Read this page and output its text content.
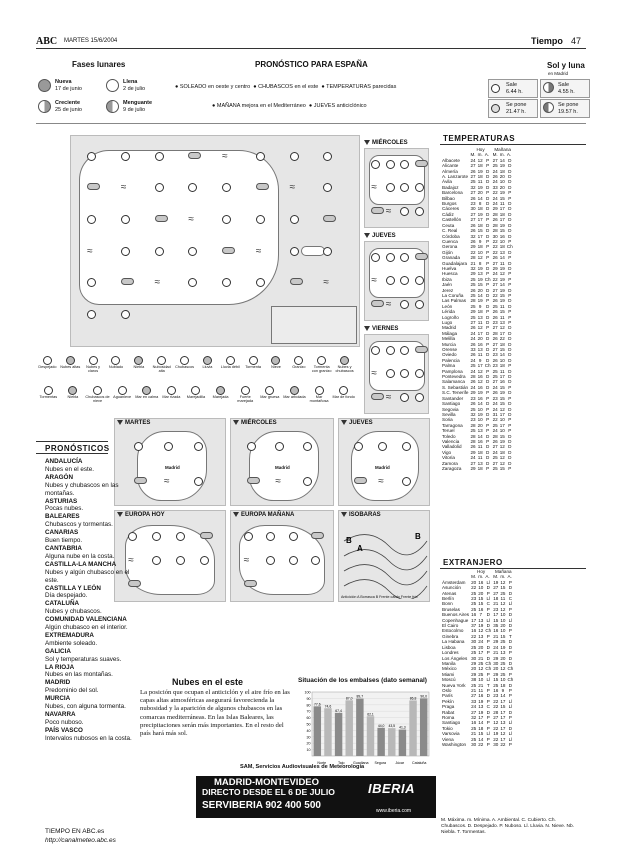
ABC MARTES 15/6/2004	Tiempo 47
Fases lunares
Nueva
17 de junio
Llena
2 de julio
Creciente
25 de junio
Menguante
9 de julio
PRONÓSTICO PARA ESPAÑA
● SOLEADO en oeste y centro  ● CHUBASCOS en el este  ● TEMPERATURAS parecidas
● MAÑANA mejora en el Mediterráneo  ● JUEVES anticiclónico
Sol y luna
en Madrid
Sale
6.44 h.
Sale
4.55 h.
Se pone
21.47 h.
Se pone
19.57 h.
≈
≈	≈
≈
≈	≈
≈	≈
MIÉRCOLES
≈
≈
JUEVES
≈
≈
VIERNES
≈
≈
Despejado Nubes altas	Nubes y claros
Nublado	Niebla	Nubosidad alta
Chubascos	Lluvia	Lluvia débil	Tormenta	Nieve	Granizo	Tormenta con granizo
Nubes y chubascos
Tormentas	Niebla	Chubascos de nieve
Aguanieve	Mar en calma	Mar rizada	Marejadilla	Marejada	Fuerte marejada
Mar gruesa	Mar arbolada	Mar montañosa
Mar de fondo
MARTES
Madrid
≈
MIÉRCOLES
Madrid
≈
JUEVES
Madrid
≈
EUROPA HOY
≈
EUROPA MAÑANA
≈
ISOBARAS
A
B	B
Anticiclón A Borrasca B Frente cálido Frente frío
PRONÓSTICOS
ANDALUCÍA
Nubes en el este.
ARAGÓN
Nubes y chubascos en las montañas.
ASTURIAS
Pocas nubes.
BALEARES
Chubascos y tormentas.
CANARIAS
Buen tiempo.
CANTABRIA
Alguna nube en la costa.
CASTILLA-LA MANCHA
Nubes y algún chubasco en el este.
CASTILLA Y LEÓN
Día despejado.
CATALUÑA
Nubes y chubascos.
COMUNIDAD VALENCIANA
Algún chubasco en el interior.
EXTREMADURA
Ambiente soleado.
GALICIA
Sol y temperaturas suaves.
LA RIOJA
Nubes en las montañas.
MADRID
Predominio del sol.
MURCIA
Nubes, con alguna tormenta.
NAVARRA
Poco nuboso.
PAÍS VASCO
Intervalos nubosos en la costa.
TIEMPO EN ABC.es
http://canalmeteo.abc.es
Nubes en el este
La posición que ocupan el anticiclón y el aire frío en las capas altas atmosféricas asegurará favorecienda la nubosidad y la aparición de algunos chubascos en las comarcas mediterráneas. En las Islas Baleares, las precipitaciones serán más importantes. En el resto del país hará más sol.
Situación de los embalses (dato semanal)
100
90
80
70
60
50
40
30
20
10
77,6 74,6
67,4
87,0 89,7
62,1
44,0 43,5 41,3
86,8
90,0
Norte	Tajo Guadiana Segura	Júcar Cataluña
SAM, Servicios Audiovisuales de Meteorología
MADRID-MONTEVIDEO
DIRECTO DESDE EL 6 DE JULIO
SERVIBERIA 902 400 500
IBERIA
www.iberia.com
TEMPERATURAS
	Hoy			Mañana		
	M.	m.	A.	M.	m.	A.
Albacete	24	12	P	27	14	D
Alicante	27	18	P	25	19	D
Almería	26	19	D	24	18	D
A. Lanzarote	27	18	D	26	20	D
Ávila	25	11	D	24	10	D
Badajoz	32	19	D	33	20	D
Barcelona	27	20	P	22	19	P
Bilbao	26	14	D	24	15	P
Burgos	23	8	D	24	11	D
Cáceres	30	18	D	29	17	D
Cádiz	27	19	D	28	18	D
Castellón	27	17	P	26	17	D
Ceuta	26	18	D	28	19	D
C. Real	26	15	D	28	15	D
Córdoba	32	17	D	30	16	D
Cuenca	26	9	P	22	10	P
Gerona	29	18	P	22	18	Ch
Gijón	22	10	P	22	13	D
Granada	28	12	P	26	14	P
Guadalajara	21	8	P	27	11	D
Huelva	32	19	D	29	19	D
Huesca	29	13	P	24	12	P
Ibiza	25	19	Ch	22	19	P
Jaén	25	15	P	27	14	P
Jerez	26	20	D	27	19	D
La Coruña	25	14	D	22	15	P
Las Palmas	28	19	P	26	19	D
León	25	9	D	25	11	D
Lérida	29	18	P	26	15	P
Logroño	25	13	D	26	11	P
Lugo	27	11	D	23	13	P
Madrid	26	12	P	27	12	D
Málaga	24	17	D	28	17	D
Melilla	24	20	D	26	22	D
Murcia	26	16	P	27	18	D
Orense	33	13	D	27	15	D
Oviedo	26	11	D	23	14	D
Palencia	24	9	D	26	10	D
Palma	25	17	Ch	23	18	P
Pamplona	24	12	P	25	11	D
Pontevedra	28	16	D	25	17	D
Salamanca	26	12	D	27	16	D
S. Sebastián	24	16	D	24	15	P
S.C. Tenerife	29	19	P	26	19	D
Santander	23	16	P	23	15	P
Santiago	26	14	D	24	15	D
Segovia	25	10	P	24	12	D
Sevilla	32	19	D	31	17	D
Soria	23	10	P	22	10	P
Tarragona	28	20	P	25	17	P
Teruel	25	13	P	24	10	P
Toledo	28	14	D	28	15	D
Valencia	28	16	P	26	19	D
Valladolid	26	11	D	27	12	D
Vigo	29	18	D	24	18	D
Vitoria	24	11	D	25	12	D
Zamora	27	13	D	27	12	D
Zaragoza	29	18	P	25	15	P
EXTRANJERO
	Hoy			Mañana		
	M.	m.	A.	M.	m.	A.
Ámsterdam	20	16	Ll	19	12	P
Asunción	22	10	D	27	15	D
Atenas	25	20	P	27	25	D
Berlín	23	15	Ll	18	11	C
Bonn	25	15	C	21	12	Ll
Bruselas	25	16	P	23	12	P
Buenos Aires	16	7	D	17	10	D
Copenhague	17	13	Ll	15	10	Ll
El Cairo	37	19	D	35	20	D
Estocolmo	16	12	Ch	16	10	P
Ginebra	22	13	P	21	15	T
La Habana	30	24	P	29	25	D
Lisboa	25	20	D	24	19	D
Londres	25	17	P	21	13	P
Los Ángeles	30	21	D	29	20	D
Manila	29	25	Ch	30	25	D
México	20	12	Ch	20	12	Ch
Miami	29	25	P	29	25	P
Moscú	38	10	Ll	15	10	Ch
Nueva York	25	21	T	25	18	D
Oslo	21	11	P	16	9	P
París	27	16	D	23	14	P
Pekín	33	19	P	22	17	Ll
Praga	24	13	C	22	15	Ll
Rabat	27	19	D	28	17	D
Roma	32	17	P	27	17	P
Santiago	16	14	P	12	13	Ll
Tokio	25	18	P	22	17	D
Varsovia	21	15	Ll	19	12	Ll
Viena	25	14	P	22	17	Ll
Washington	30	22	P	30	22	P
M. Máxima. m. Mínima. A. Ambiental. C. Cubierto. Ch. Chubascos. D. Despejado. P. Nuboso. Ll. Lluvia. N. Nieve. Nb. Niebla. T. Tormentas.
